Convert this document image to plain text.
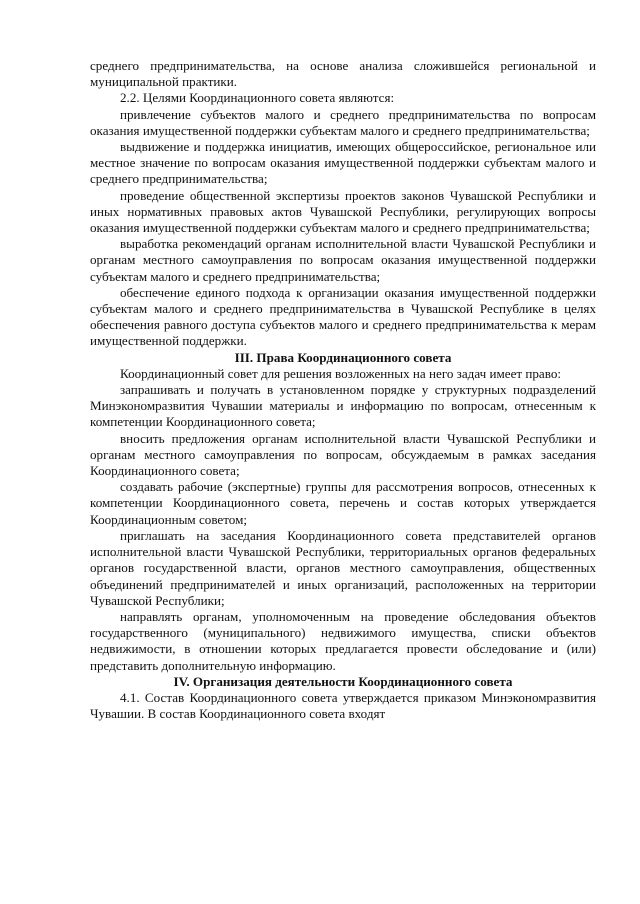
среднего предпринимательства, на основе анализа сложившейся региональной и муниципальной практики.

2.2. Целями Координационного совета являются:

привлечение субъектов малого и среднего предпринимательства по вопросам оказания имущественной поддержки субъектам малого и среднего предпринимательства;

выдвижение и поддержка инициатив, имеющих общероссийское, региональное или местное значение по вопросам оказания имущественной поддержки субъектам малого и среднего предпринимательства;

проведение общественной экспертизы проектов законов Чувашской Республики и иных нормативных правовых актов Чувашской Республики, регулирующих вопросы оказания имущественной поддержки субъектам малого и среднего предпринимательства;

выработка рекомендаций органам исполнительной власти Чувашской Республики и органам местного самоуправления по вопросам оказания имущественной поддержки субъектам малого и среднего предпринимательства;

обеспечение единого подхода к организации оказания имущественной поддержки субъектам малого и среднего предпринимательства в Чувашской Республике в целях обеспечения равного доступа субъектов малого и среднего предпринимательства к мерам имущественной поддержки.

III. Права Координационного совета

Координационный совет для решения возложенных на него задач имеет право:

запрашивать и получать в установленном порядке у структурных подразделений Минэкономразвития Чувашии материалы и информацию по вопросам, отнесенным к компетенции Координационного совета;

вносить предложения органам исполнительной власти Чувашской Республики и органам местного самоуправления по вопросам, обсуждаемым в рамках заседания Координационного совета;

создавать рабочие (экспертные) группы для рассмотрения вопросов, отнесенных к компетенции Координационного совета, перечень и состав которых утверждается Координационным советом;

приглашать на заседания Координационного совета представителей органов исполнительной власти Чувашской Республики, территориальных органов федеральных органов государственной власти, органов местного самоуправления, общественных объединений предпринимателей и иных организаций, расположенных на территории Чувашской Республики;

направлять органам, уполномоченным на проведение обследования объектов государственного (муниципального) недвижимого имущества, списки объектов недвижимости, в отношении которых предлагается провести обследование и (или) представить дополнительную информацию.

IV. Организация деятельности Координационного совета

4.1. Состав Координационного совета утверждается приказом Минэкономразвития Чувашии. В состав Координационного совета входят
